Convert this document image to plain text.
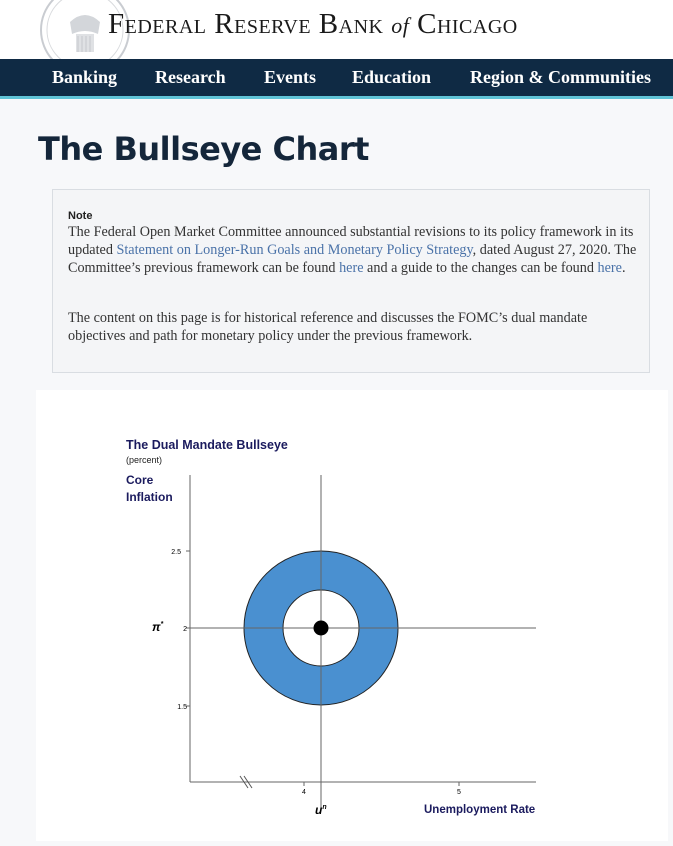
Federal Reserve Bank of Chicago
Banking Research Events Education Region & Communities
The Bullseye Chart
Note
The Federal Open Market Committee announced substantial revisions to its policy framework in its updated Statement on Longer-Run Goals and Monetary Policy Strategy, dated August 27, 2020. The Committee’s previous framework can be found here and a guide to the changes can be found here.
The content on this page is for historical reference and discusses the FOMC’s dual mandate objectives and path for monetary policy under the previous framework.
The Dual Mandate Bullseye
(percent)
Core
Inflation
2.5
2
1.5
4	5
π*
$u^n$	Unemployment Rate
